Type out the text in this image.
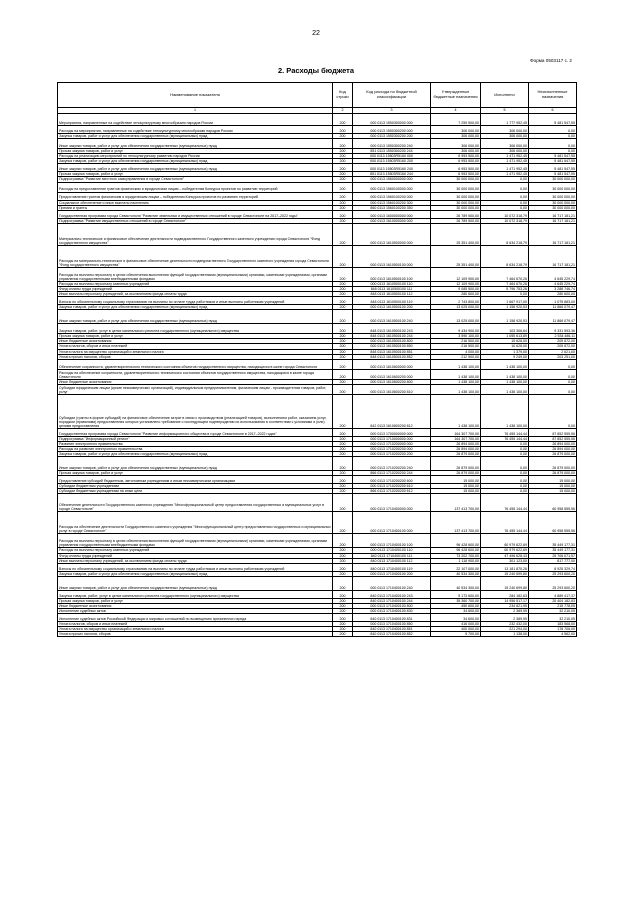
22
Форма 0503117 с. 2
2. Расходы бюджета
Наименование показателя	Код строки	Код расхода по бюджетной классификации	Утвержденные бюджетные назначения	Исполнено	Неисполненные назначения
1	2	3	4	5	6
Мероприятия, направленные на содействие этнокультурному многообразию народов России	200	000 0113 1550300000 000	7 259 500,00	1 777 952,45	5 481 547,55
Расходы на мероприятия, направленные на содействие этнокультурному многообразию народов России	200	000 0113 1550300200 000	306 000,00	306 000,00	0,00
Закупка товаров, работ и услуг для обеспечения государственных (муниципальных) нужд	200	000 0113 1550300200 200	306 000,00	306 000,00	0,00
Иные закупки товаров, работ и услуг для обеспечения государственных (муниципальных) нужд	200	000 0113 1550300200 240	306 000,00	306 000,00	0,00
Прочая закупка товаров, работ и услуг	200	851 0113 1550300200 244	306 000,00	306 000,00	0,00
Расходы на реализацию мероприятий по этнокультурному развитию народов России	200	000 0113 15503R5160 000	6 953 500,00	1 471 952,45	5 481 547,55
Закупка товаров, работ и услуг для обеспечения государственных (муниципальных) нужд	200	000 0113 15503R5160 200	6 953 500,00	1 471 952,45	5 481 547,55
Иные закупки товаров, работ и услуг для обеспечения государственных (муниципальных) нужд	200	000 0113 15503R5160 240	6 953 500,00	1 471 952,45	5 481 547,55
Прочая закупка товаров, работ и услуг	200	851 0113 15503R5160 244	6 953 500,00	1 471 952,45	5 481 547,55
Подпрограмма "Развитие местного самоуправления в городе Севастополе"	200	000 0113 1560000000 000	30 000 000,00	0,00	30 000 000,00
Расходы на предоставление грантов физическим и юридическим лицам – победителям Конкурса проектов по развитию территорий	200	000 0113 1560100000 000	30 000 000,00	0,00	30 000 000,00
Предоставление грантов физическим и юридическим лицам – победителям Конкурса проектов по развитию территорий	200	000 0113 1560100200 000	30 000 000,00	0,00	30 000 000,00
Социальное обеспечение и иные выплаты населению	200	000 0113 1560100200 300	30 000 000,00	0,00	30 000 000,00
Премии и гранты	200	860 0113 1560100200 350	30 000 000,00	0,00	30 000 000,00
Государственная программа города Севастополя "Развитие земельных и имущественных отношений в городе Севастополе на 2017–2022 годы"	200	000 0113 1600000000 000	26 789 500,00	10 072 318,79	16 717 181,21
Подпрограмма "Развитие имущественных отношений в городе Севастополе"	200	000 0113 1610000000 000	26 789 500,00	10 072 318,79	16 717 181,21
Материально-техническое и финансовое обеспечение деятельности подведомственного Государственного казенного учреждения города Севастополя "Фонд государственного имущества"	200	000 0113 1610500000 000	25 351 400,00	8 634 218,79	16 717 181,21
Расходы на материально-техническое и финансовое обеспечение деятельности подведомственного Государственного казенного учреждения города Севастополя "Фонд государственного имущества"	200	000 0113 1610500100 000	25 351 400,00	8 634 218,79	16 717 181,21
Расходы на выплаты персоналу в целях обеспечения выполнения функций государственными (муниципальными) органами, казенными учреждениями, органами управления государственными внебюджетными фондами	200	000 0113 1610500100 100	12 109 900,00	7 464 670,26	4 645 229,74
Расходы на выплаты персоналу казенных учреждений	200	000 0113 1610500100 110	12 109 900,00	7 464 670,26	4 645 229,74
Фонд оплаты труда учреждений	200	848 0113 1610500100 111	9 085 500,00	5 796 753,26	3 288 746,74
Иные выплаты персоналу учреждений, за исключением фонда оплаты труда	200	848 0113 1610500100 112	280 600,00	0,00	280 600,00
Взносы по обязательному социальному страхованию на выплаты по оплате труда работников и иные выплаты работникам учреждений	200	848 0113 1610500100 119	2 743 800,00	1 667 917,00	1 075 883,00
Закупка товаров, работ и услуг для обеспечения государственных (муниципальных) нужд	200	000 0113 1610500100 200	13 025 000,00	1 158 920,53	11 866 079,47
Иные закупки товаров, работ и услуг для обеспечения государственных (муниципальных) нужд	200	000 0113 1610500100 240	13 025 000,00	1 158 920,53	11 866 079,47
Закупка товаров, работ, услуг в целях капитального ремонта государственного (муниципального) имущества	200	848 0113 1610500100 243	9 434 900,00	103 306,64	9 331 593,36
Прочая закупка товаров, работ и услуг	200	848 0113 1610500100 244	3 590 100,00	1 055 613,89	2 534 486,11
Иные бюджетные ассигнования	200	000 0113 1610500100 800	216 500,00	10 628,00	205 872,00
Уплата налогов, сборов и иных платежей	200	000 0113 1610500100 850	216 500,00	10 628,00	205 872,00
Уплата налога на имущество организаций и земельного налога	200	848 0113 1610500100 851	4 000,00	1 379,00	2 621,00
Уплата прочих налогов, сборов	200	848 0113 1610500100 852	212 500,00	9 249,00	203 251,00
Обеспечение сохранности, удовлетворительного технического состояния объектов государственного имущества, находящихся в казне города Севастополя	200	000 0113 1610600000 000	1 438 100,00	1 438 100,00	0,00
Расходы на обеспечение сохранности, удовлетворительного технического состояния объектов государственного имущества, находящихся в казне города Севастополя	200	000 0113 1610600200 000	1 438 100,00	1 438 100,00	0,00
Иные бюджетные ассигнования	200	000 0113 1610600200 800	1 438 100,00	1 438 100,00	0,00
Субсидии юридическим лицам (кроме некоммерческих организаций), индивидуальным предпринимателям, физическим лицам - производителям товаров, работ, услуг	200	000 0113 1610600200 810	1 438 100,00	1 438 100,00	0,00
Субсидии (гранты в форме субсидий) на финансовое обеспечение затрат в связи с производством (реализацией товаров), выполнением работ, оказанием услуг, порядком (правилами) предоставления которых установлено требование о последующем подтверждении их использования в соответствии с условиями и (или) целями предоставления	200	842 0113 1610600200 812	1 438 100,00	1 438 100,00	0,00
Государственная программа города Севастополя "Развитие информационного общества в городе Севастополе в 2017–2022 годах"	200	000 0113 1700000000 000	164 307 700,00	76 455 144,44	87 852 555,56
Подпрограмма "Информационный регион"	200	000 0113 1710000000 000	164 307 700,00	76 455 144,44	87 852 555,56
Развитие электронного правительства	200	000 0113 1710200000 000	26 894 000,00	0,00	26 894 000,00
Расходы на развитие электронного правительства	200	000 0113 1710200200 000	26 894 000,00	0,00	26 894 000,00
Закупка товаров, работ и услуг для обеспечения государственных (муниципальных) нужд	200	000 0113 1710200200 200	26 879 000,00	0,00	26 879 000,00
Иные закупки товаров, работ и услуг для обеспечения государственных (муниципальных) нужд	200	000 0113 1710200200 240	26 879 000,00	0,00	26 879 000,00
Прочая закупка товаров, работ и услуг	200	866 0113 1710200200 244	26 879 000,00	0,00	26 879 000,00
Предоставление субсидий бюджетным, автономным учреждениям и иным некоммерческим организациям	200	000 0113 1710200200 600	15 000,00	0,00	15 000,00
Субсидии бюджетным учреждениям	200	000 0113 1710200200 610	15 000,00	0,00	15 000,00
Субсидии бюджетным учреждениям на иные цели	200	866 0113 1710200200 612	15 000,00	0,00	15 000,00
Обеспечение деятельности Государственного казенного учреждения "Многофункциональный центр предоставления государственных и муниципальных услуг в городе Севастополе"	200	000 0113 1710400000 000	137 413 700,00	76 455 144,44	60 958 555,56
Расходы на обеспечение деятельности Государственного казенного учреждения "Многофункциональный центр предоставления государственных и муниципальных услуг в городе Севастополе"	200	000 0113 1710400100 000	137 413 700,00	76 455 144,44	60 958 555,56
Расходы на выплаты персоналу в целях обеспечения выполнения функций государственными (муниципальными) органами, казенными учреждениями, органами управления государственными внебюджетными фондами	200	000 0113 1710400100 100	96 428 600,00	60 979 622,69	35 449 177,31
Расходы на выплаты персоналу казенных учреждений	200	000 0113 1710400100 110	96 428 600,00	60 979 622,69	35 449 177,31
Фонд оплаты труда учреждений	200	840 0113 1710400100 111	73 202 700,00	47 496 628,43	25 706 071,57
Иные выплаты персоналу учреждений, за исключением фонда оплаты труда	200	840 0113 1710400100 112	1 118 900,00	301 123,00	817 777,00
Взносы по обязательному социальному страхованию на выплаты по оплате труда работников и иные выплаты работникам учреждений	200	840 0113 1710400100 119	22 107 000,00	13 181 870,26	8 925 329,74
Закупка товаров, работ и услуг для обеспечения государственных (муниципальных) нужд	200	000 0113 1710400100 200	40 534 300,00	15 240 699,80	25 293 600,20
Иные закупки товаров, работ и услуг для обеспечения государственных (муниципальных) нужд	200	000 0113 1710400100 240	40 534 300,00	15 240 699,80	25 293 600,20
Закупка товаров, работ, услуг в целях капитального ремонта государственного (муниципального) имущества	200	840 0113 1710400100 243	5 173 600,00	284 182,63	4 889 417,37
Прочая закупка товаров, работ и услуг	200	840 0113 1710400100 244	35 360 700,00	14 956 517,17	20 404 182,83
Иные бюджетные ассигнования	200	000 0113 1710400100 800	450 600,00	234 821,95	215 778,05
Исполнение судебных актов	200	000 0113 1710400100 830	34 600,00	2 389,95	32 210,05
Исполнение судебных актов Российской Федерации и мировых соглашений по возмещению причиненного вреда	200	840 0113 1710400100 831	34 600,00	2 389,95	32 210,05
Уплата налогов, сборов и иных платежей	200	000 0113 1710400100 850	416 000,00	232 432,00	183 568,00
Уплата налога на имущество организаций и земельного налога	200	840 0113 1710400100 851	400 000,00	221 294,00	178 706,00
Уплата прочих налогов, сборов	200	840 0113 1710400100 852	5 700,00	1 138,00	4 562,00
